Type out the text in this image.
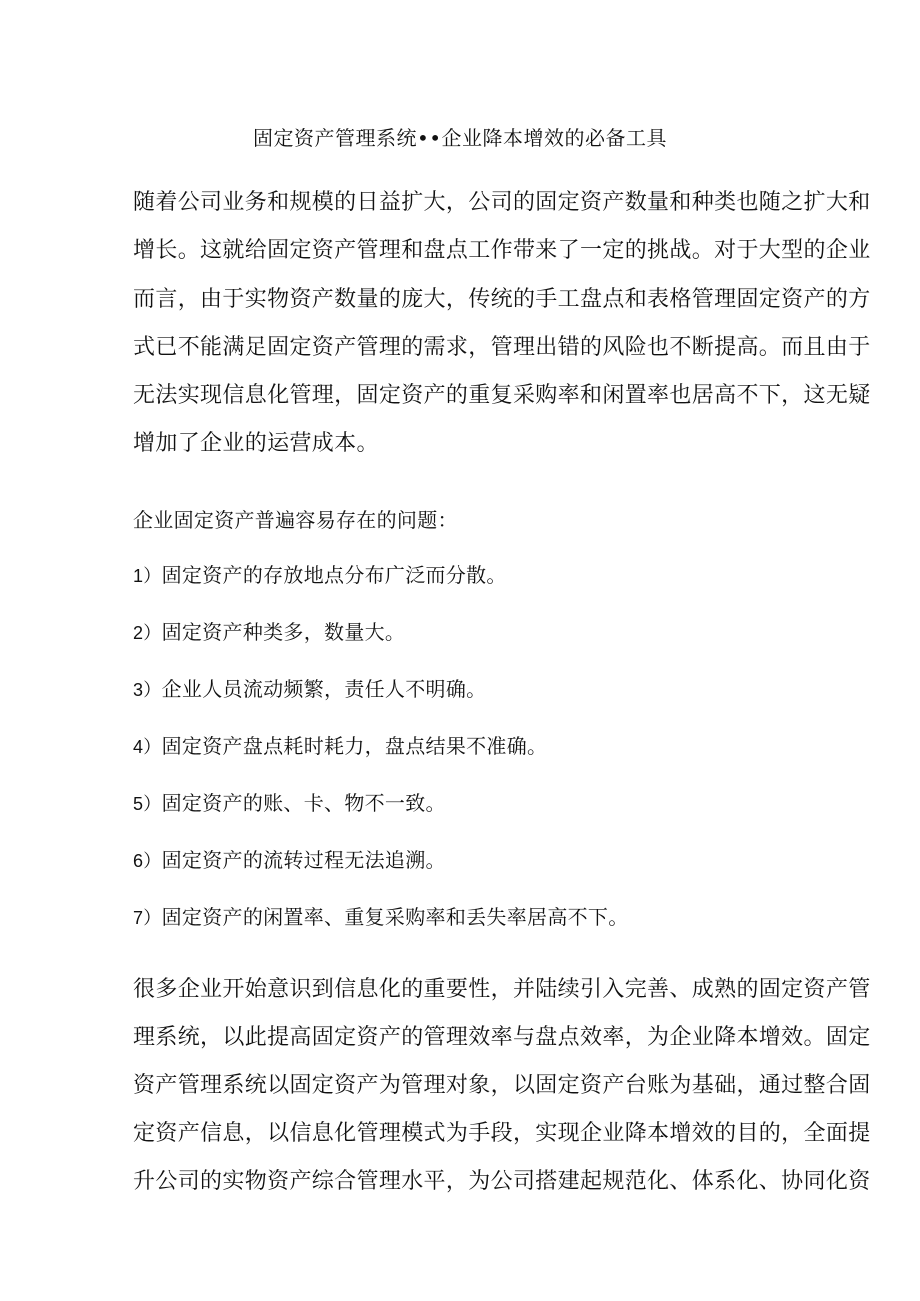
固定资产管理系统••企业降本增效的必备工具
随着公司业务和规模的日益扩大，公司的固定资产数量和种类也随之扩大和
增长。这就给固定资产管理和盘点工作带来了一定的挑战。对于大型的企业
而言，由于实物资产数量的庞大，传统的手工盘点和表格管理固定资产的方
式已不能满足固定资产管理的需求，管理出错的风险也不断提高。而且由于
无法实现信息化管理，固定资产的重复采购率和闲置率也居高不下，这无疑
增加了企业的运营成本。
企业固定资产普遍容易存在的问题：
1）固定资产的存放地点分布广泛而分散。
2）固定资产种类多，数量大。
3）企业人员流动频繁，责任人不明确。
4）固定资产盘点耗时耗力，盘点结果不准确。
5）固定资产的账、卡、物不一致。
6）固定资产的流转过程无法追溯。
7）固定资产的闲置率、重复采购率和丢失率居高不下。
很多企业开始意识到信息化的重要性，并陆续引入完善、成熟的固定资产管
理系统，以此提高固定资产的管理效率与盘点效率，为企业降本增效。固定
资产管理系统以固定资产为管理对象，以固定资产台账为基础，通过整合固
定资产信息，以信息化管理模式为手段，实现企业降本增效的目的，全面提
升公司的实物资产综合管理水平，为公司搭建起规范化、体系化、协同化资
